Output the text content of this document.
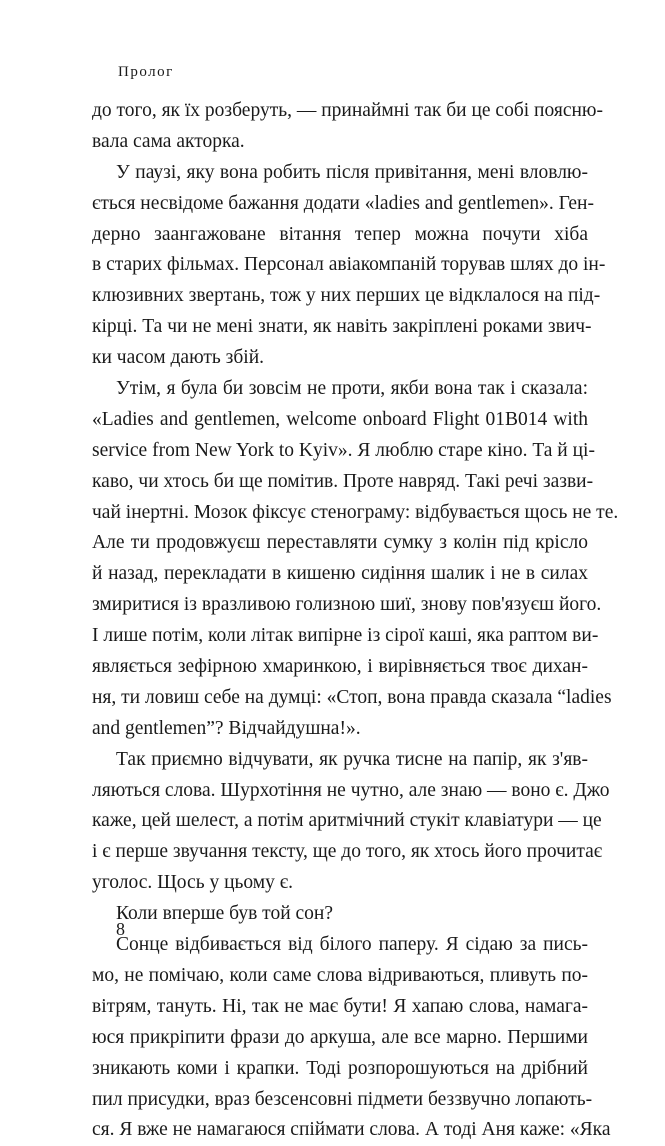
Пролог
до того, як їх розберуть, — принаймні так би це собі поясню-
вала сама акторка.
У паузі, яку вона робить після привітання, мені вловлю-
ється несвідоме бажання додати «ladies and gentlemen». Ген-
дерно заангажоване вітання тепер можна почути хіба
в старих фільмах. Персонал авіакомпаній торував шлях до ін-
клюзивних звертань, тож у них перших це відклалося на під-
кірці. Та чи не мені знати, як навіть закріплені роками звич-
ки часом дають збій.
Утім, я була би зовсім не проти, якби вона так і сказала:
«Ladies and gentlemen, welcome onboard Flight 01B014 with
service from New York to Kyiv». Я люблю старе кіно. Та й ці-
каво, чи хтось би ще помітив. Проте навряд. Такі речі зазви-
чай інертні. Мозок фіксує стенограму: відбувається щось не те.
Але ти продовжуєш переставляти сумку з колін під крісло
й назад, перекладати в кишеню сидіння шалик і не в силах
змиритися із вразливою голизною шиї, знову пов'язуєш його.
І лише потім, коли літак випірне із сірої каші, яка раптом ви-
являється зефірною хмаринкою, і вирівняється твоє дихан-
ня, ти ловиш себе на думці: «Стоп, вона правда сказала “ladies
and gentlemen”? Відчайдушна!».
Так приємно відчувати, як ручка тисне на папір, як з'яв-
ляються слова. Шурхотіння не чутно, але знаю — воно є. Джо
каже, цей шелест, а потім аритмічний стукіт клавіатури — це
і є перше звучання тексту, ще до того, як хтось його прочитає
уголос. Щось у цьому є.
Коли вперше був той сон?
Сонце відбивається від білого паперу. Я сідаю за пись-
мо, не помічаю, коли саме слова відриваються, пливуть по-
вітрям, тануть. Ні, так не має бути! Я хапаю слова, намага-
юся прикріпити фрази до аркуша, але все марно. Першими
зникають коми і крапки. Тоді розпорошуються на дрібний
пил присудки, враз безсенсовні підмети беззвучно лопають-
ся. Я вже не намагаюся спіймати слова. А тоді Аня каже: «Яка
8
